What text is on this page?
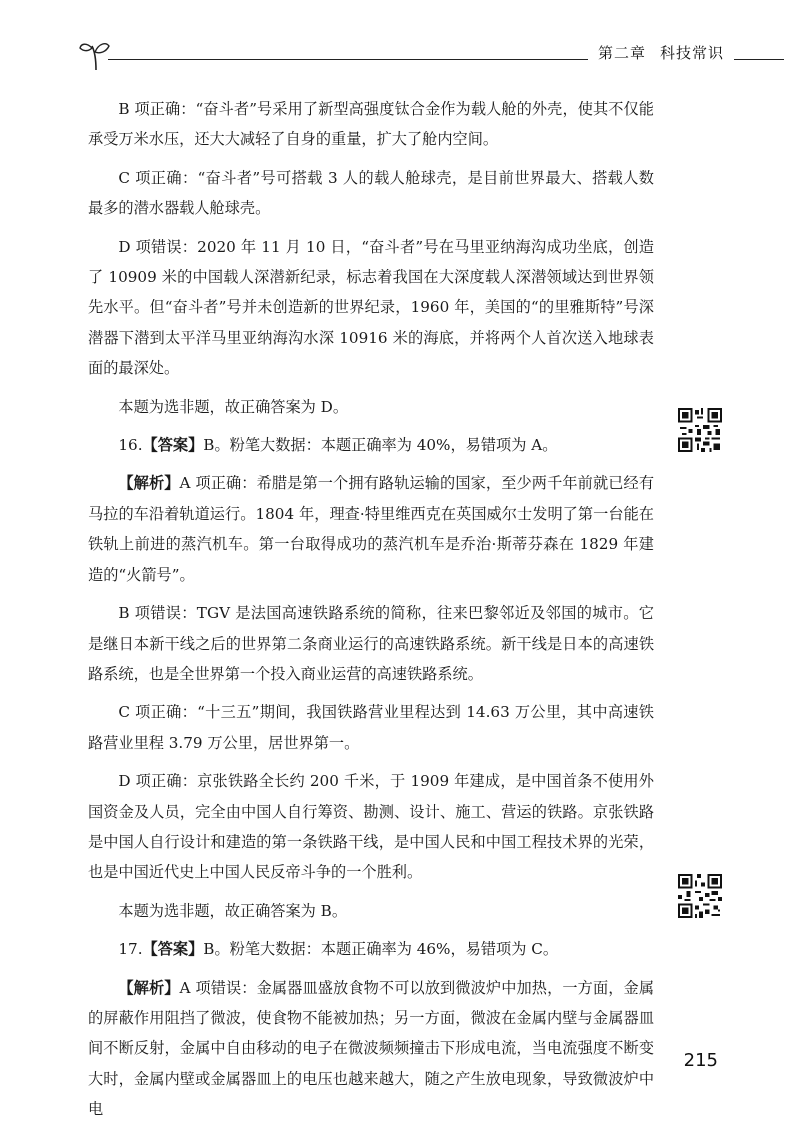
第二章 科技常识

B 项正确：“奋斗者”号采用了新型高强度钛合金作为载人舱的外壳，使其不仅能承受万米水压，还大大减轻了自身的重量，扩大了舱内空间。

C 项正确：“奋斗者”号可搭载 3 人的载人舱球壳，是目前世界最大、搭载人数最多的潜水器载人舱球壳。

D 项错误：2020 年 11 月 10 日，“奋斗者”号在马里亚纳海沟成功坐底，创造了 10909 米的中国载人深潜新纪录，标志着我国在大深度载人深潜领域达到世界领先水平。但“奋斗者”号并未创造新的世界纪录，1960 年，美国的“的里雅斯特”号深潜器下潜到太平洋马里亚纳海沟水深 10916 米的海底，并将两个人首次送入地球表面的最深处。

本题为选非题，故正确答案为 D。

16.【答案】B。粉笔大数据：本题正确率为 40%，易错项为 A。

【解析】A 项正确：希腊是第一个拥有路轨运输的国家，至少两千年前就已经有马拉的车沿着轨道运行。1804 年，理查·特里维西克在英国威尔士发明了第一台能在铁轨上前进的蒸汽机车。第一台取得成功的蒸汽机车是乔治·斯蒂芬森在 1829 年建造的“火箭号”。

B 项错误：TGV 是法国高速铁路系统的简称，往来巴黎邻近及邻国的城市。它是继日本新干线之后的世界第二条商业运行的高速铁路系统。新干线是日本的高速铁路系统，也是全世界第一个投入商业运营的高速铁路系统。

C 项正确：“十三五”期间，我国铁路营业里程达到 14.63 万公里，其中高速铁路营业里程 3.79 万公里，居世界第一。

D 项正确：京张铁路全长约 200 千米，于 1909 年建成，是中国首条不使用外国资金及人员，完全由中国人自行筹资、勘测、设计、施工、营运的铁路。京张铁路是中国人自行设计和建造的第一条铁路干线，是中国人民和中国工程技术界的光荣，也是中国近代史上中国人民反帝斗争的一个胜利。

本题为选非题，故正确答案为 B。

17.【答案】B。粉笔大数据：本题正确率为 46%，易错项为 C。

【解析】A 项错误：金属器皿盛放食物不可以放到微波炉中加热，一方面，金属的屏蔽作用阻挡了微波，使食物不能被加热；另一方面，微波在金属内壁与金属器皿间不断反射，金属中自由移动的电子在微波频频撞击下形成电流，当电流强度不断变大时，金属内壁或金属器皿上的电压也越来越大，随之产生放电现象，导致微波炉中电

215
